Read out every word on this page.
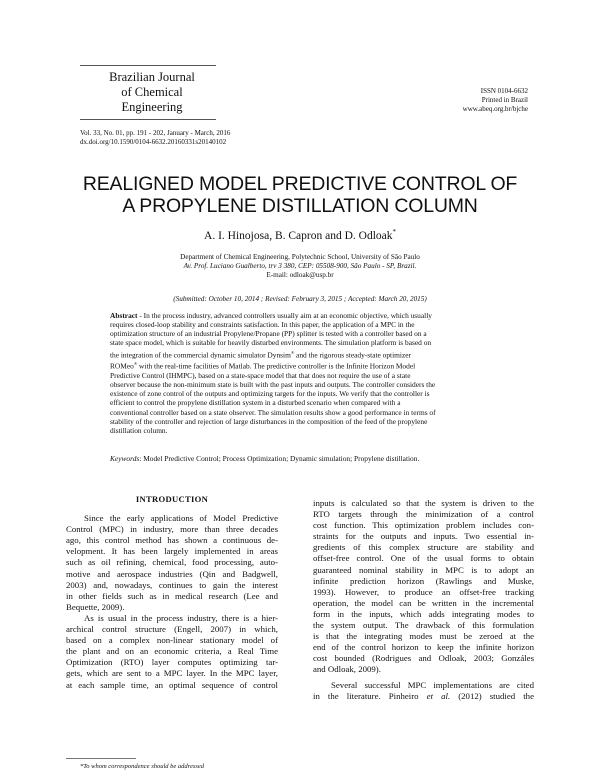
Brazilian Journal
of Chemical
Engineering
ISSN 0104-6632
Printed in Brazil
www.abeq.org.br/bjche
Vol. 33, No. 01, pp. 191 - 202, January - March, 2016
dx.doi.org/10.1590/0104-6632.20160331s20140102
REALIGNED MODEL PREDICTIVE CONTROL OF
A PROPYLENE DISTILLATION COLUMN
A. I. Hinojosa, B. Capron and D. Odloak*
Department of Chemical Engineering, Polytechnic School, University of São Paulo
Av. Prof. Luciano Gualberto, trv 3 380, CEP: 05508-900, São Paulo - SP, Brazil.
E-mail: odloak@usp.br
(Submitted: October 10, 2014 ; Revised: February 3, 2015 ; Accepted: March 20, 2015)
Abstract - In the process industry, advanced controllers usually aim at an economic objective, which usually
requires closed-loop stability and constraints satisfaction. In this paper, the application of a MPC in the
optimization structure of an industrial Propylene/Propane (PP) splitter is tested with a controller based on a
state space model, which is suitable for heavily disturbed environments. The simulation platform is based on
the integration of the commercial dynamic simulator Dynsim® and the rigorous steady-state optimizer
ROMeo® with the real-time facilities of Matlab. The predictive controller is the Infinite Horizon Model
Predictive Control (IHMPC), based on a state-space model that that does not require the use of a state
observer because the non-minimum state is built with the past inputs and outputs. The controller considers the
existence of zone control of the outputs and optimizing targets for the inputs. We verify that the controller is
efficient to control the propylene distillation system in a disturbed scenario when compared with a
conventional controller based on a state observer. The simulation results show a good performance in terms of
stability of the controller and rejection of large disturbances in the composition of the feed of the propylene
distillation column.
Keywords: Model Predictive Control; Process Optimization; Dynamic simulation; Propylene distillation.
INTRODUCTION
Since the early applications of Model Predictive
Control (MPC) in industry, more than three decades
ago, this control method has shown a continuous de-
velopment. It has been largely implemented in areas
such as oil refining, chemical, food processing, auto-
motive and aerospace industries (Qin and Badgwell,
2003) and, nowadays, continues to gain the interest
in other fields such as in medical research (Lee and
Bequette, 2009).
As is usual in the process industry, there is a hier-
archical control structure (Engell, 2007) in which,
based on a complex non-linear stationary model of
the plant and on an economic criteria, a Real Time
Optimization (RTO) layer computes optimizing tar-
gets, which are sent to a MPC layer. In the MPC layer,
at each sample time, an optimal sequence of control
inputs is calculated so that the system is driven to the
RTO targets through the minimization of a control
cost function. This optimization problem includes con-
straints for the outputs and inputs. Two essential in-
gredients of this complex structure are stability and
offset-free control. One of the usual forms to obtain
guaranteed nominal stability in MPC is to adopt an
infinite prediction horizon (Rawlings and Muske,
1993). However, to produce an offset-free tracking
operation, the model can be written in the incremental
form in the inputs, which adds integrating modes to
the system output. The drawback of this formulation
is that the integrating modes must be zeroed at the
end of the control horizon to keep the infinite horizon
cost bounded (Rodrigues and Odloak, 2003; Gonzáles
and Odloak, 2009).
Several successful MPC implementations are cited
in the literature. Pinheiro et al. (2012) studied the
*To whom correspondence should be addressed
